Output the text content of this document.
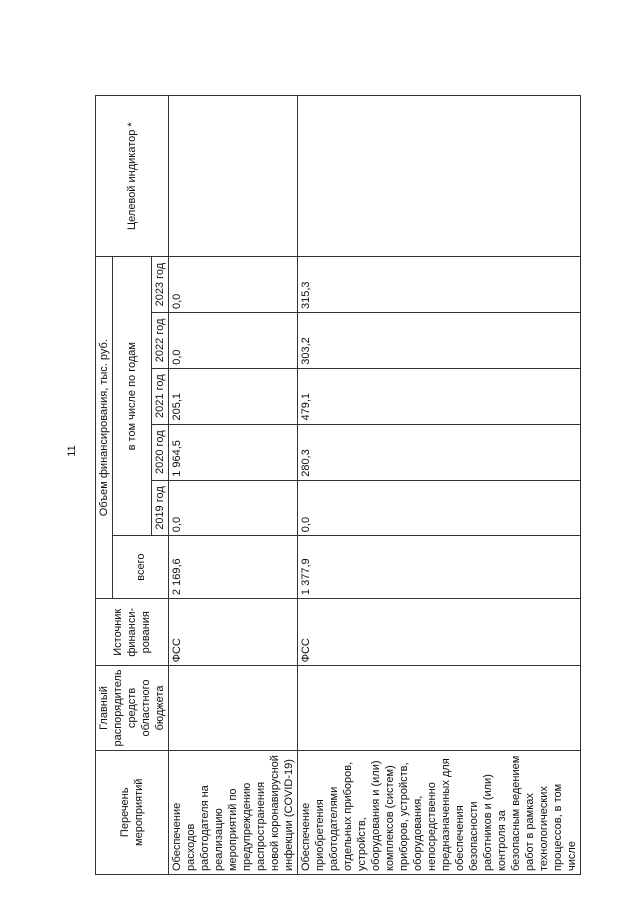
11
Перечень мероприятий	Главный распорядитель средств областного бюджета	Источник финанси-рования	Объем финансирования, тыс. руб.						Целевой индикатор *
			всего	в том числе по годам					
				2019 год	2020 год	2021 год	2022 год	2023 год	
Обеспечение расходов работодателя на реализацию мероприятий по предупреждению распространения новой коронавирусной инфекции (COVID-19)		ФСС	2 169,6	0,0	1 964,5	205,1	0,0	0,0	
Обеспечение приобретения работодателями отдельных приборов, устройств, оборудования и (или) комплексов (систем) приборов, устройств, оборудования, непосредственно предназначенных для обеспечения безопасности работников и (или) контроля за безопасным ведением работ в рамках технологических процессов, в том числе		ФСС	1 377,9	0,0	280,3	479,1	303,2	315,3	
